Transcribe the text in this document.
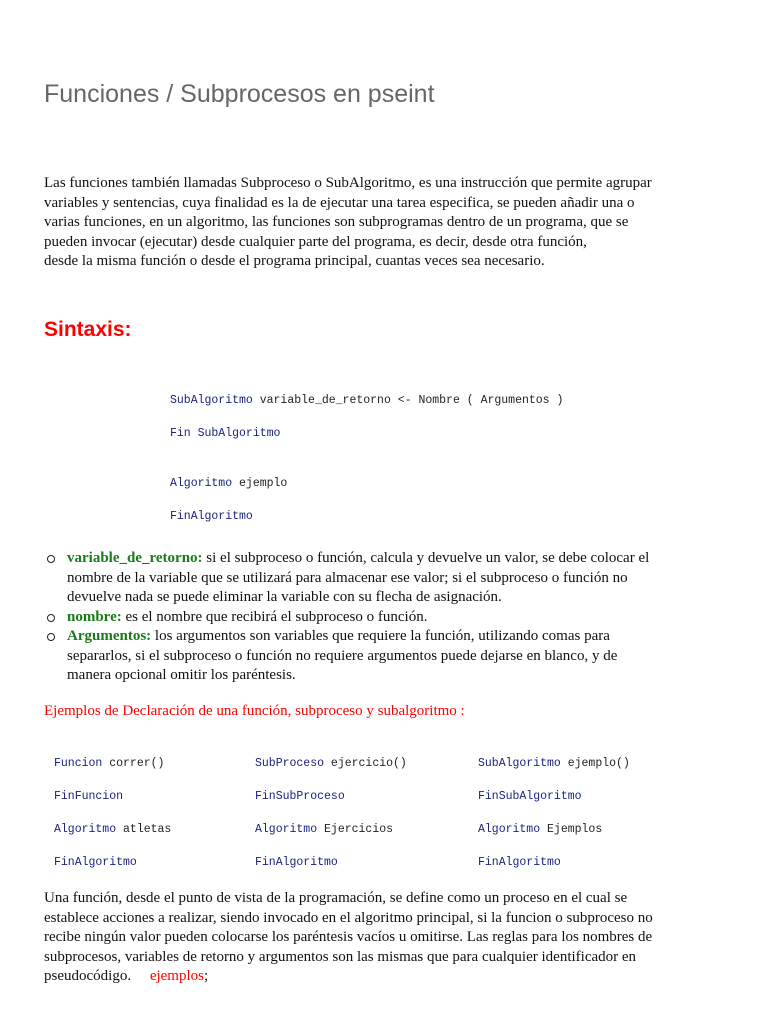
Funciones / Subprocesos en pseint

Las funciones también llamadas Subproceso o SubAlgoritmo, es una instrucción que permite agrupar
variables y sentencias, cuya finalidad es la de ejecutar una tarea especifica, se pueden añadir una o
varias funciones, en un algoritmo, las funciones son subprogramas dentro de un programa, que se
pueden invocar (ejecutar) desde cualquier parte del programa, es decir, desde otra función,
desde la misma función o desde el programa principal, cuantas veces sea necesario.

Sintaxis:
SubAlgoritmo variable_de_retorno <- Nombre ( Argumentos )
Fin SubAlgoritmo
Algoritmo ejemplo
FinAlgoritmo
variable_de_retorno: si el subproceso o función, calcula y devuelve un valor, se debe colocar el
nombre de la variable que se utilizará para almacenar ese valor; si el subproceso o función no
devuelve nada se puede eliminar la variable con su flecha de asignación.
nombre: es el nombre que recibirá el subproceso o función.
Argumentos: los argumentos son variables que requiere la función, utilizando comas para
separarlos, si el subproceso o función no requiere argumentos puede dejarse en blanco, y de
manera opcional omitir los paréntesis.

Ejemplos de Declaración de una función, subproceso y subalgoritmo :

Funcion correr()
FinFuncion
Algoritmo atletas
FinAlgoritmo
SubProceso ejercicio()
FinSubProceso
Algoritmo Ejercicios
FinAlgoritmo
SubAlgoritmo ejemplo()
FinSubAlgoritmo
Algoritmo Ejemplos
FinAlgoritmo

Una función, desde el punto de vista de la programación, se define como un proceso en el cual se
establece acciones a realizar, siendo invocado en el algoritmo principal, si la funcion o subproceso no
recibe ningún valor pueden colocarse los paréntesis vacíos u omitirse. Las reglas para los nombres de
subprocesos, variables de retorno y argumentos son las mismas que para cualquier identificador en
pseudocódigo. ejemplos;
